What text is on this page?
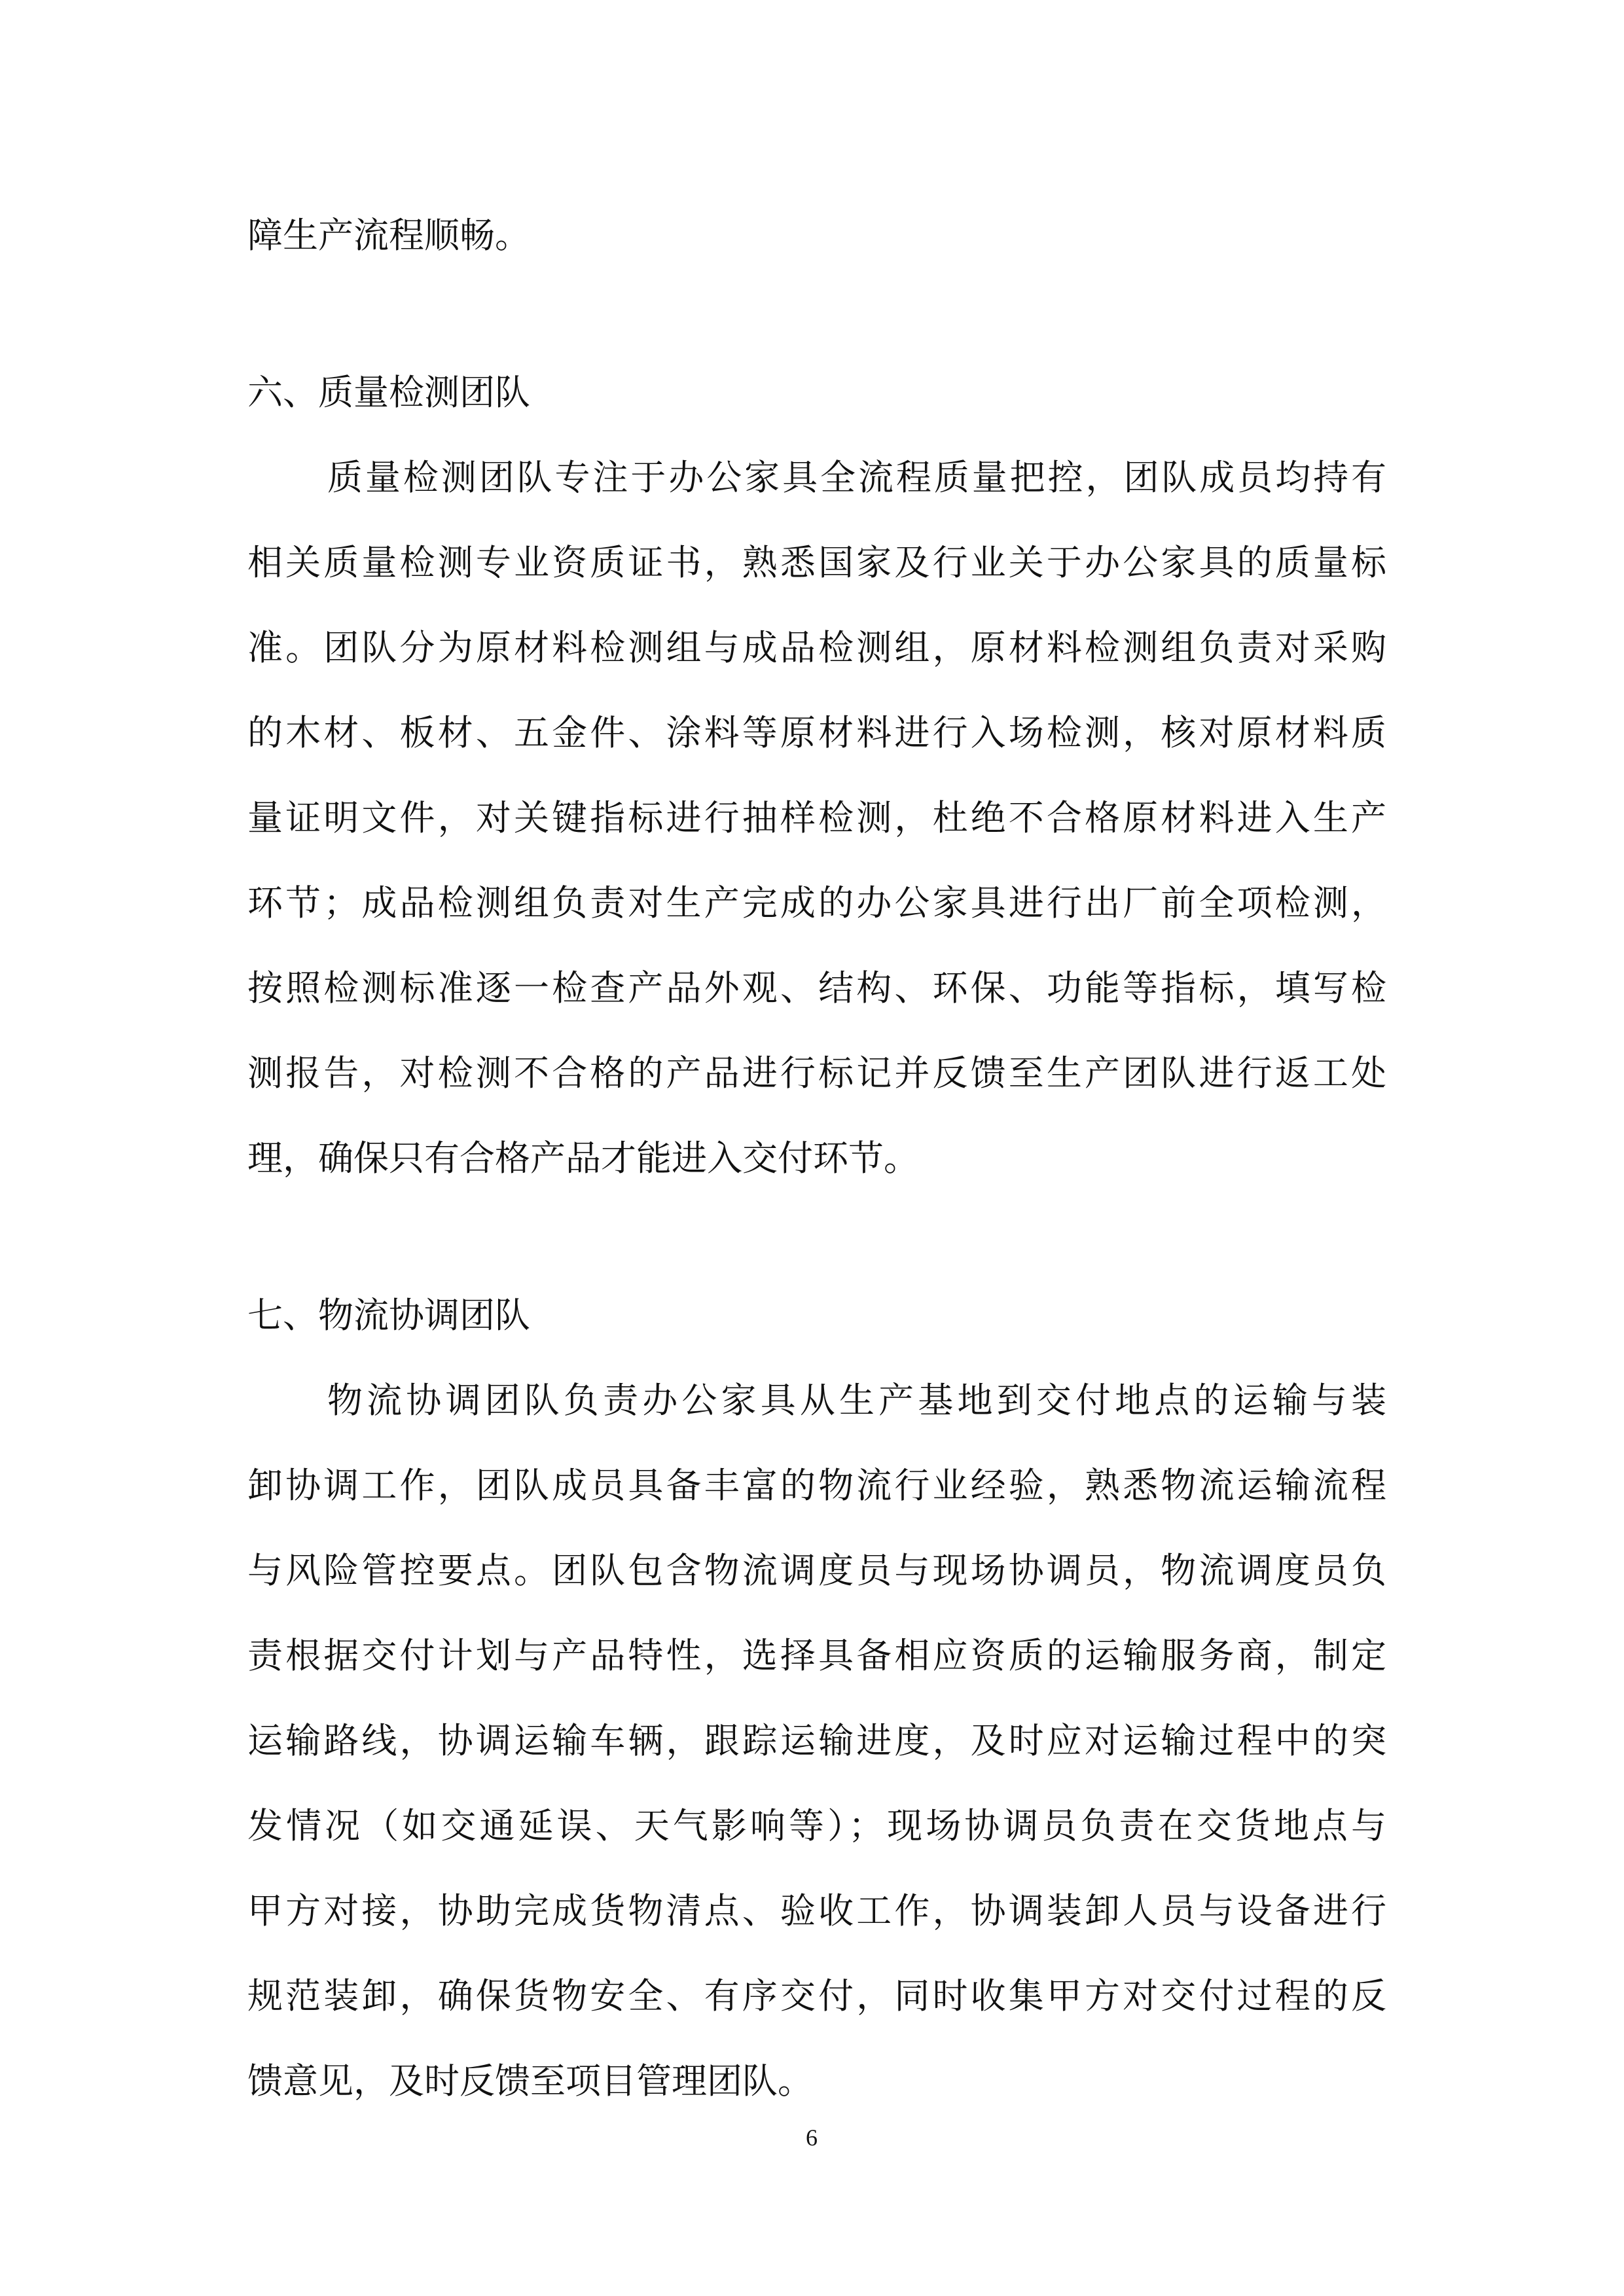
障生产流程顺畅。
六、质量检测团队
质量检测团队专注于办公家具全流程质量把控，团队成员均持有
相关质量检测专业资质证书，熟悉国家及行业关于办公家具的质量标
准。团队分为原材料检测组与成品检测组，原材料检测组负责对采购
的木材、板材、五金件、涂料等原材料进行入场检测，核对原材料质
量证明文件，对关键指标进行抽样检测，杜绝不合格原材料进入生产
环节；成品检测组负责对生产完成的办公家具进行出厂前全项检测，
按照检测标准逐一检查产品外观、结构、环保、功能等指标，填写检
测报告，对检测不合格的产品进行标记并反馈至生产团队进行返工处
理，确保只有合格产品才能进入交付环节。
七、物流协调团队
物流协调团队负责办公家具从生产基地到交付地点的运输与装
卸协调工作，团队成员具备丰富的物流行业经验，熟悉物流运输流程
与风险管控要点。团队包含物流调度员与现场协调员，物流调度员负
责根据交付计划与产品特性，选择具备相应资质的运输服务商，制定
运输路线，协调运输车辆，跟踪运输进度，及时应对运输过程中的突
发情况（如交通延误、天气影响等）；现场协调员负责在交货地点与
甲方对接，协助完成货物清点、验收工作，协调装卸人员与设备进行
规范装卸，确保货物安全、有序交付，同时收集甲方对交付过程的反
馈意见，及时反馈至项目管理团队。
6
